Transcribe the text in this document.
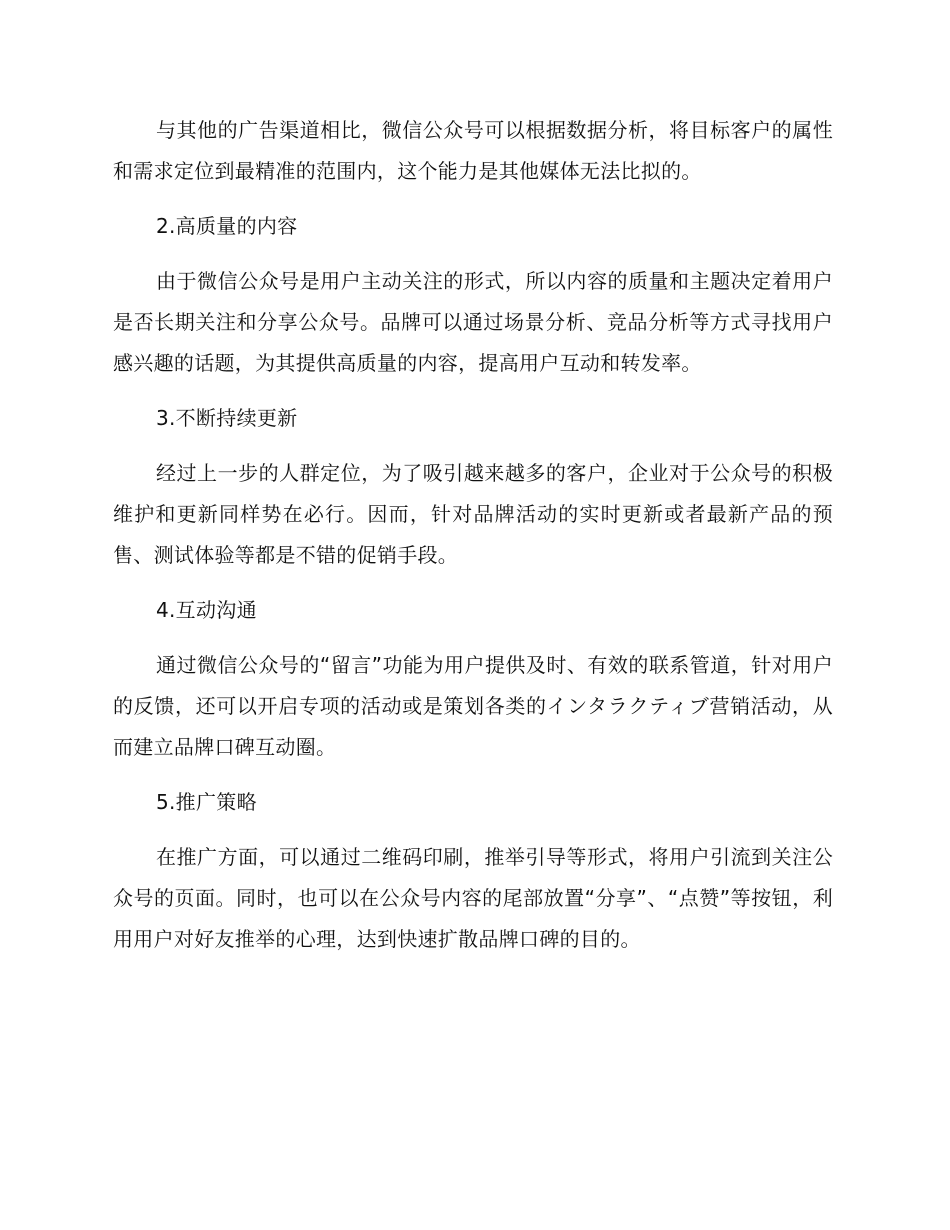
与其他的广告渠道相比，微信公众号可以根据数据分析，将目标客户的属性和需求定位到最精准的范围内，这个能力是其他媒体无法比拟的。

2.高质量的内容

由于微信公众号是用户主动关注的形式，所以内容的质量和主题决定着用户是否长期关注和分享公众号。品牌可以通过场景分析、竞品分析等方式寻找用户感兴趣的话题，为其提供高质量的内容，提高用户互动和转发率。

3.不断持续更新

经过上一步的人群定位，为了吸引越来越多的客户，企业对于公众号的积极维护和更新同样势在必行。因而，针对品牌活动的实时更新或者最新产品的预售、测试体验等都是不错的促销手段。

4.互动沟通

通过微信公众号的“留言”功能为用户提供及时、有效的联系管道，针对用户的反馈，还可以开启专项的活动或是策划各类的インタラクティブ营销活动，从而建立品牌口碑互动圈。

5.推广策略

在推广方面，可以通过二维码印刷，推举引导等形式，将用户引流到关注公众号的页面。同时，也可以在公众号内容的尾部放置“分享”、“点赞”等按钮，利用用户对好友推举的心理，达到快速扩散品牌口碑的目的。
